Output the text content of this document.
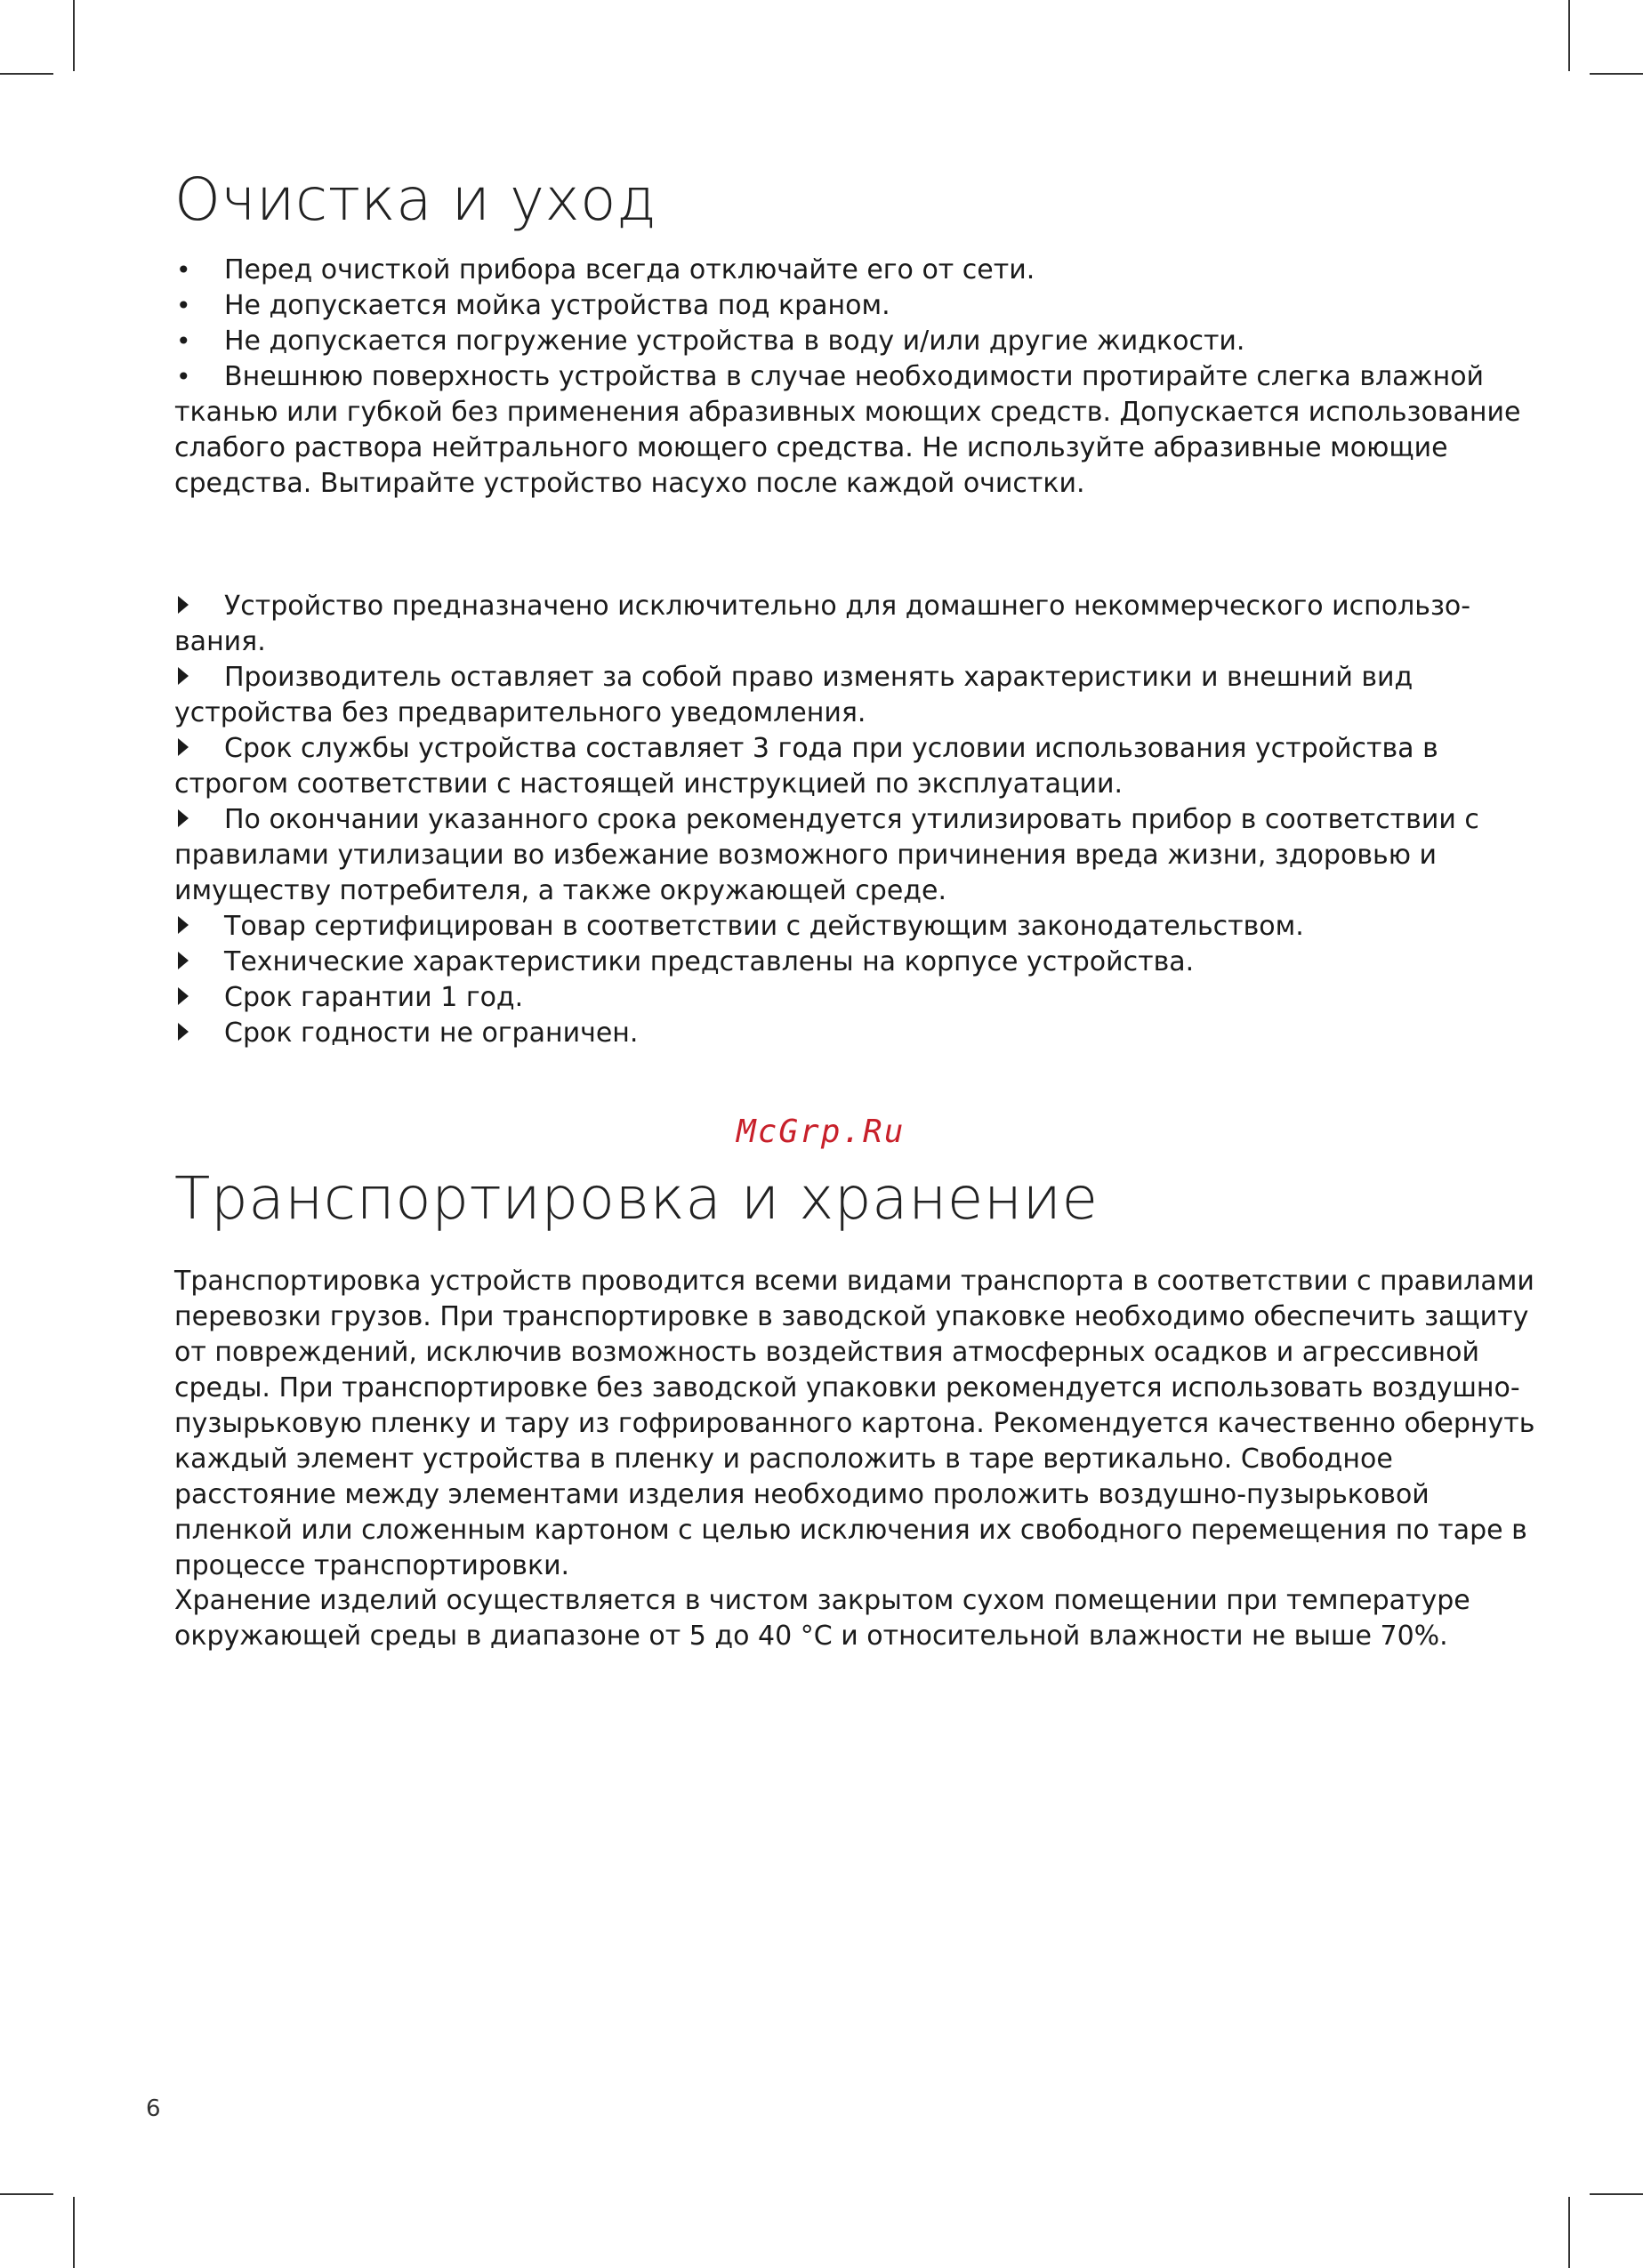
Очистка и уход
• Перед очисткой прибора всегда отключайте его от сети.
• Не допускается мойка устройства под краном.
• Не допускается погружение устройства в воду и/или другие жидкости.
• Внешнюю поверхность устройства в случае необходимости протирайте слегка влажной тканью или губкой без применения абразивных моющих средств. Допускается использование слабого раствора нейтрального моющего средства. Не используйте абразивные моющие средства. Вытирайте устройство насухо после каждой очистки.
Устройство предназначено исключительно для домашнего некоммерческого использо- вания.
Производитель оставляет за собой право изменять характеристики и внешний вид устройства без предварительного уведомления.
Срок службы устройства составляет 3 года при условии использования устройства в строгом соответствии с настоящей инструкцией по эксплуатации.
По окончании указанного срока рекомендуется утилизировать прибор в соответствии с правилами утилизации во избежание возможного причинения вреда жизни, здоровью и имуществу потребителя, а также окружающей среде.
Товар сертифицирован в соответствии с действующим законодательством.
Технические характеристики представлены на корпусе устройства.
Срок гарантии 1 год.
Срок годности не ограничен.
Транспортировка и хранение

Транспортировка устройств проводится всеми видами транспорта в соответствии с правилами перевозки грузов. При транспортировке в заводской упаковке необходимо обеспечить защиту от повреждений, исключив возможность воздействия атмосферных осадков и агрессивной среды. При транспортировке без заводской упаковки рекомендуется использовать воздушно-пузырьковую пленку и тару из гофрированного картона. Рекомендуется качественно обернуть каждый элемент устройства в пленку и расположить в таре вертикально. Свободное расстояние между элементами изделия необходимо проложить воздушно-пузырьковой пленкой или сложенным картоном с целью исключения их свободного перемещения по таре в процессе транспортировки.

Хранение изделий осуществляется в чистом закрытом сухом помещении при температуре окружающей среды в диапазоне от 5 до 40 °С и относительной влажности не выше 70%.

McGrp.Ru
6
